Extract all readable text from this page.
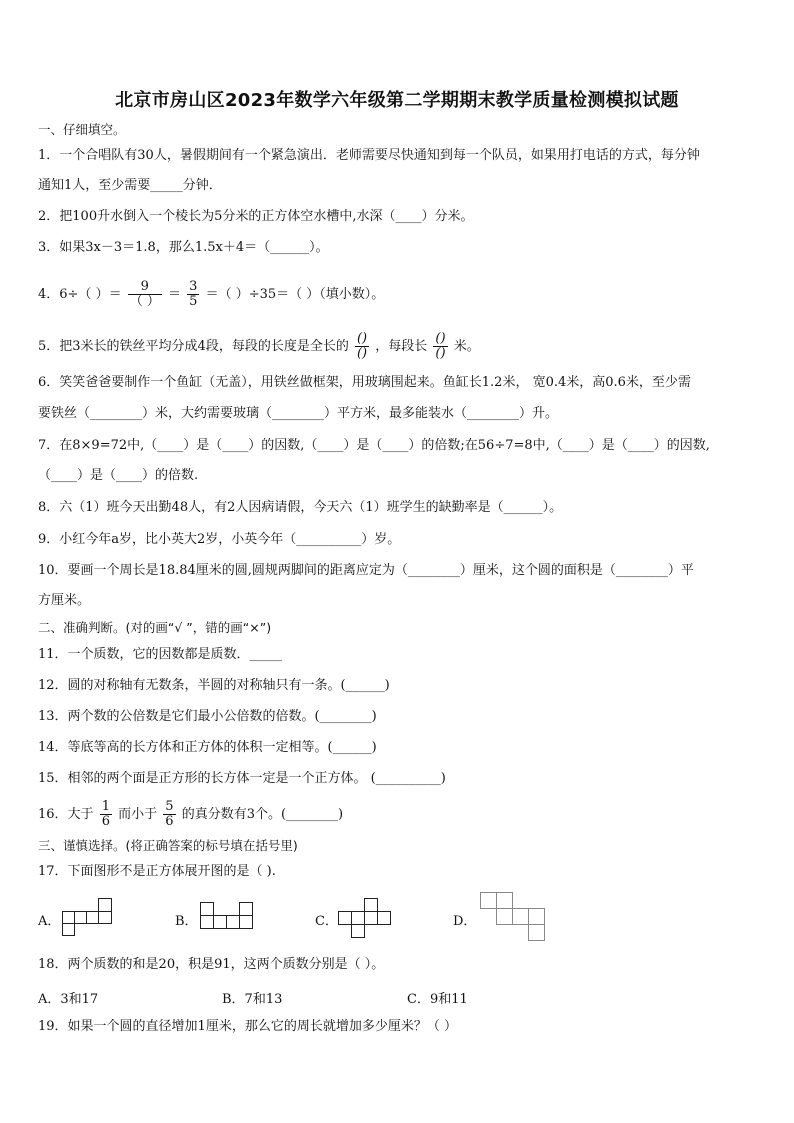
北京市房山区2023年数学六年级第二学期期末教学质量检测模拟试题
一、仔细填空。
1．一个合唱队有30人，暑假期间有一个紧急演出．老师需要尽快通知到每一个队员，如果用打电话的方式，每分钟
通知1人，至少需要_____分钟．
2．把100升水倒入一个棱长为5分米的正方体空水槽中,水深（____）分米。
3．如果3x－3＝1.8，那么1.5x＋4＝（______）。
4．6÷（ ）＝ $\frac{9}{( )} = \frac{3}{5}$ ＝（ ）÷35＝（ ）（填小数）。
5．把3米长的铁丝平均分成4段，每段的长度是全长的 $\frac{()}{()}$ ，每段长 $\frac{()}{()}$ 米。
6．笑笑爸爸要制作一个鱼缸（无盖），用铁丝做框架，用玻璃围起来。鱼缸长1.2米， 宽0.4米，高0.6米，至少需
要铁丝（________）米，大约需要玻璃（________）平方米，最多能装水（________）升。
7．在8×9=72中,（____）是（____）的因数,（____）是（____）的倍数;在56÷7=8中,（____）是（____）的因数,
（____）是（____）的倍数.
8．六（1）班今天出勤48人，有2人因病请假，今天六（1）班学生的缺勤率是（______）。
9．小红今年a岁，比小英大2岁，小英今年（__________）岁。
10．要画一个周长是18.84厘米的圆,圆规两脚间的距离应定为（________）厘米，这个圆的面积是（________）平
方厘米。
二、准确判断。(对的画“√ ”，错的画“×”)
11．一个质数，它的因数都是质数．_____
12．圆的对称轴有无数条，半圆的对称轴只有一条。(______)
13．两个数的公倍数是它们最小公倍数的倍数。(________)
14．等底等高的长方体和正方体的体积一定相等。(______)
15．相邻的两个面是正方形的长方体一定是一个正方体。 (__________)
16．大于 $\frac{1}{6}$ 而小于 $\frac{5}{6}$ 的真分数有3个。(________)
三、谨慎选择。(将正确答案的标号填在括号里)
17．下面图形不是正方体展开图的是（ ).
A．	B．	C．	D．
18．两个质数的和是20，积是91，这两个质数分别是（ ）。
A．3和17	B．7和13	C．9和11
19．如果一个圆的直径增加1厘米，那么它的周长就增加多少厘米？（ ）
